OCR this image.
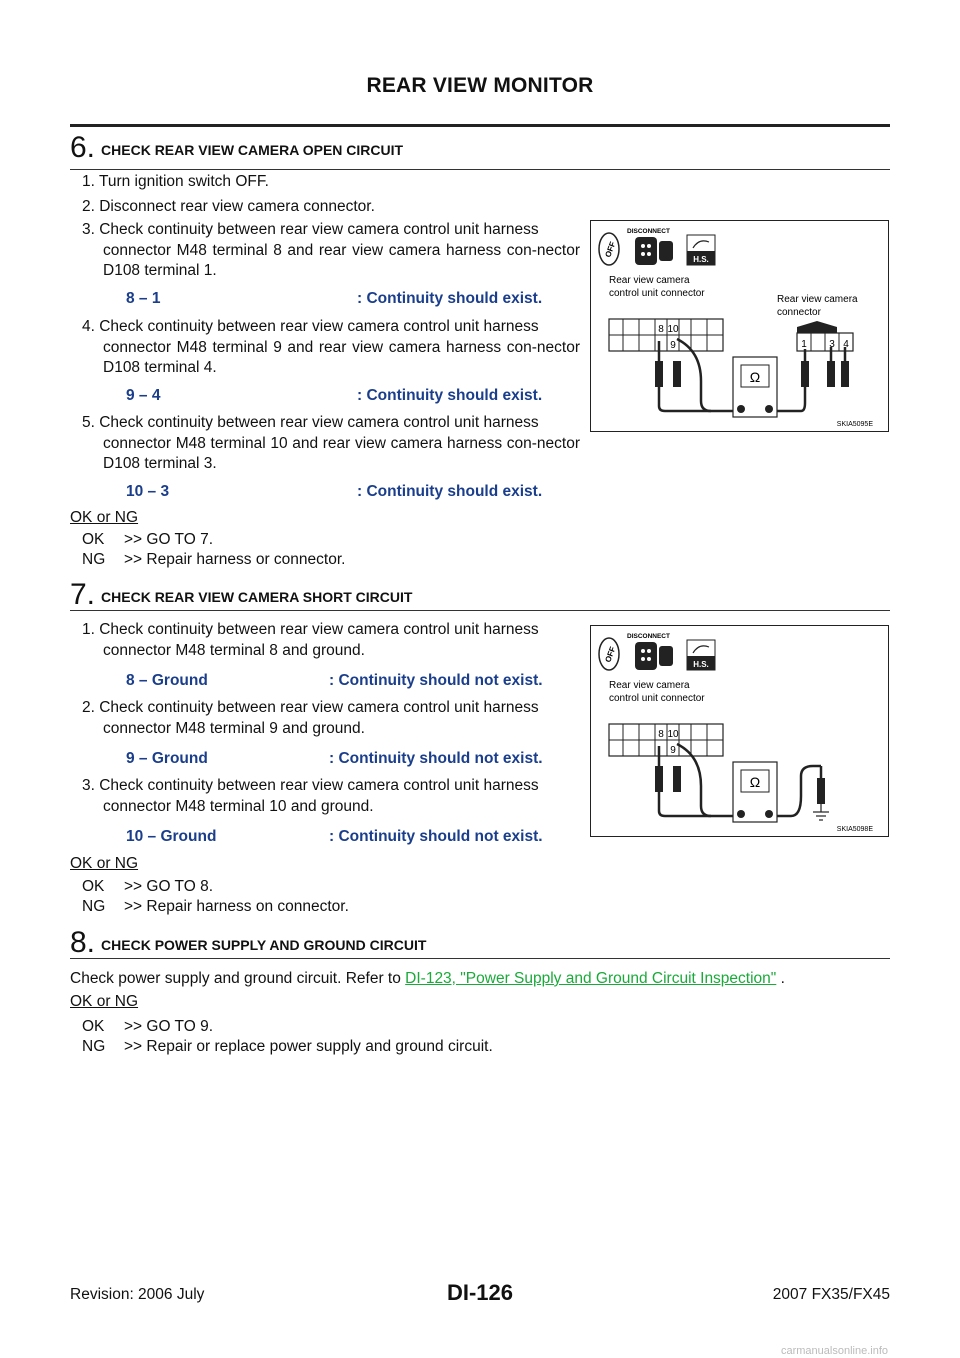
REAR VIEW MONITOR
6. CHECK REAR VIEW CAMERA OPEN CIRCUIT
1. Turn ignition switch OFF.
2. Disconnect rear view camera connector.
3. Check continuity between rear view camera control unit harness
connector M48 terminal 8 and rear view camera harness con-nector D108 terminal 1.
8 – 1	: Continuity should exist.
4. Check continuity between rear view camera control unit harness
connector M48 terminal 9 and rear view camera harness con-nector D108 terminal 4.
9 – 4	: Continuity should exist.
5. Check continuity between rear view camera control unit harness
connector M48 terminal 10 and rear view camera harness con-nector D108 terminal 3.
10 – 3	: Continuity should exist.
OK or NG
OK >> GO TO 7.
NG >> Repair harness or connector.
OFF
DISCONNECT
H.S.
Rear view camera
control unit connector
Rear view camera
connector
8 10
9	1 3 4
Ω
SKIA5095E
7. CHECK REAR VIEW CAMERA SHORT CIRCUIT
1. Check continuity between rear view camera control unit harness
connector M48 terminal 8 and ground.
8 – Ground	: Continuity should not exist.
2. Check continuity between rear view camera control unit harness
connector M48 terminal 9 and ground.
9 – Ground	: Continuity should not exist.
3. Check continuity between rear view camera control unit harness
connector M48 terminal 10 and ground.
10 – Ground	: Continuity should not exist.
OK or NG
OK >> GO TO 8.
NG >> Repair harness on connector.
OFF
DISCONNECT
H.S.
Rear view camera
control unit connector
8 10
9
Ω
SKIA5098E
8. CHECK POWER SUPPLY AND GROUND CIRCUIT
Check power supply and ground circuit. Refer to DI-123, "Power Supply and Ground Circuit Inspection" .
OK or NG
OK >> GO TO 9.
NG >> Repair or replace power supply and ground circuit.
Revision: 2006 July	DI-126	2007 FX35/FX45
carmanualsonline.info
